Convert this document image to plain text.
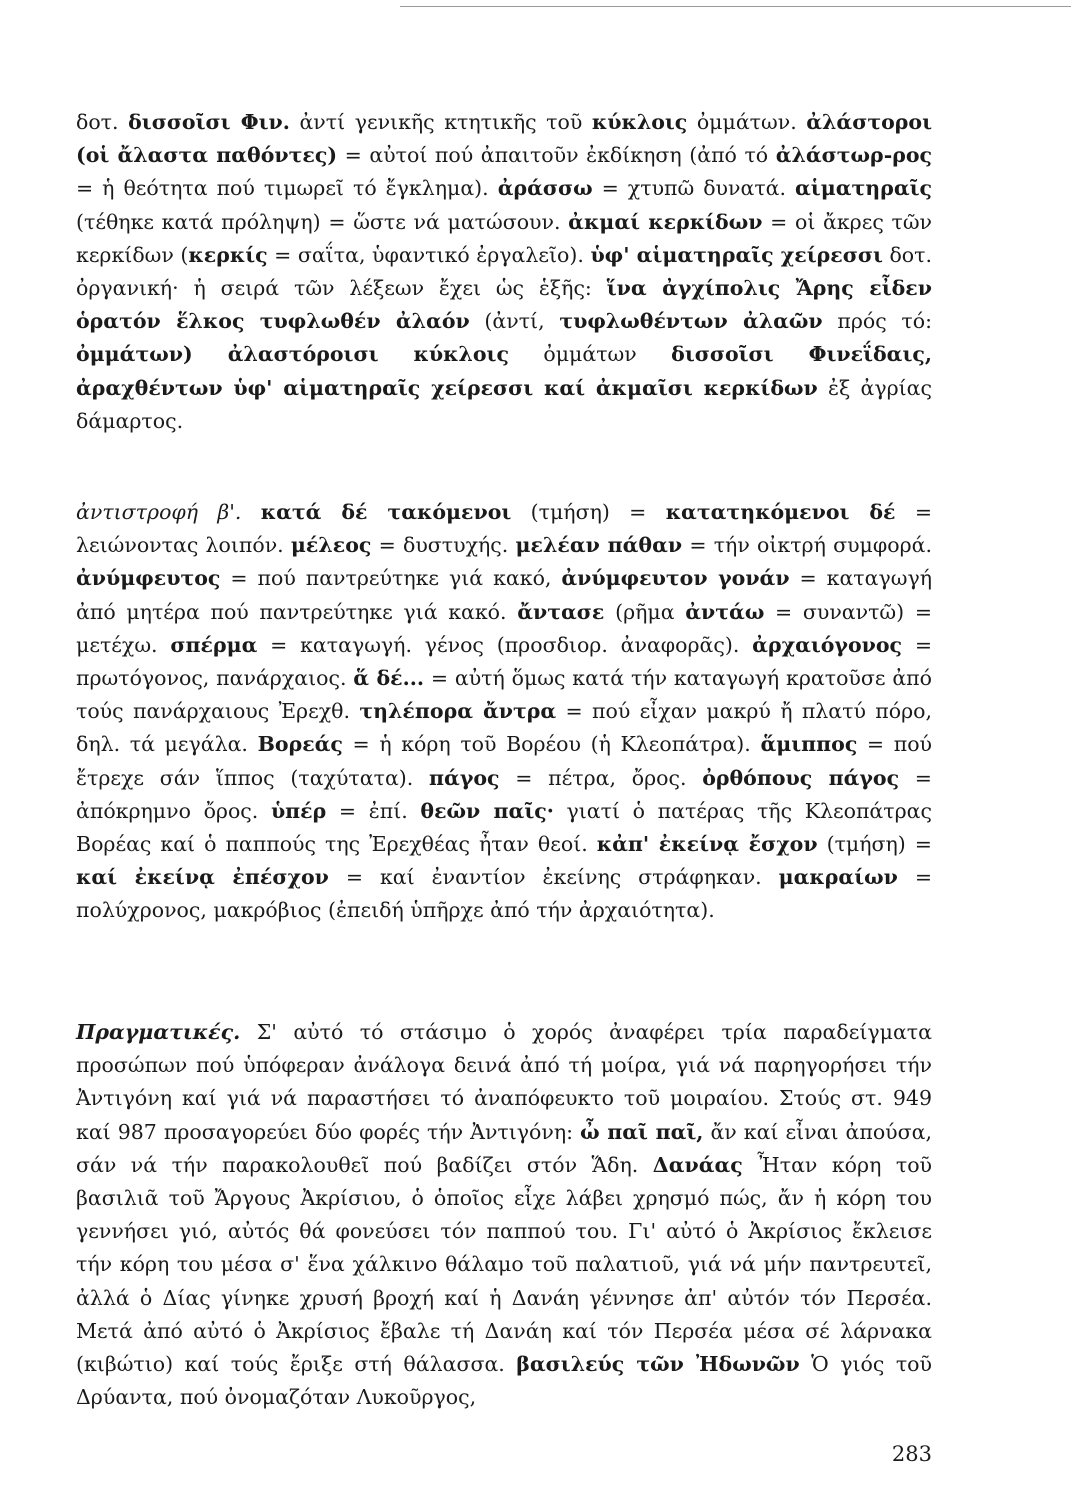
δοτ. δισσοῖσι Φιν. ἀντί γενικῆς κτητικῆς τοῦ κύκλοις ὀμμάτων. ἀλάστοροι (οἱ ἄλαστα παθόντες) = αὐτοί πού ἀπαιτοῦν ἐκδίκηση (ἀπό τό ἀλάστωρ-ρος = ἡ θεότητα πού τιμωρεῖ τό ἔγκλημα). ἀράσσω = χτυπῶ δυνατά. αἱματηραῖς (τέθηκε κατά πρόληψη) = ὥστε νά ματώσουν. ἀκμαί κερκίδων = οἱ ἄκρες τῶν κερκίδων (κερκίς = σαΐτα, ὑφαντικό ἐργαλεῖο). ὑφ' αἱματηραῖς χείρεσσι δοτ. ὀργανική· ἡ σειρά τῶν λέξεων ἔχει ὡς ἑξῆς: ἵνα ἀγχίπολις Ἄρης εἶδεν ὁρατόν ἕλκος τυφλωθέν ἀλαόν (ἀντί, τυφλωθέντων ἀλαῶν πρός τό: ὀμμάτων) ἀλαστόροισι κύκλοις ὀμμάτων δισσοῖσι Φινεΐδαις, ἀραχθέντων ὑφ' αἱματηραῖς χείρεσσι καί ἀκμαῖσι κερκίδων ἐξ ἀγρίας δάμαρτος.

ἀντιστροφή β'. κατά δέ τακόμενοι (τμήση) = κατατηκόμενοι δέ = λειώνοντας λοιπόν. μέλεος = δυστυχής. μελέαν πάθαν = τήν οἰκτρή συμφορά. ἀνύμφευτος = πού παντρεύτηκε γιά κακό, ἀνύμφευτον γονάν = καταγωγή ἀπό μητέρα πού παντρεύτηκε γιά κακό. ἄντασε (ρῆμα ἀντάω = συναντῶ) = μετέχω. σπέρμα = καταγωγή. γένος (προσδιορ. ἀναφορᾶς). ἀρχαιόγονος = πρωτόγονος, πανάρχαιος. ἅ δέ... = αὐτή ὅμως κατά τήν καταγωγή κρατοῦσε ἀπό τούς πανάρχαιους Ἐρεχθ. τηλέπορα ἄντρα = πού εἶχαν μακρύ ἤ πλατύ πόρο, δηλ. τά μεγάλα. Βορεάς = ἡ κόρη τοῦ Βορέου (ἡ Κλεοπάτρα). ἅμιππος = πού ἔτρεχε σάν ἵππος (ταχύτατα). πάγος = πέτρα, ὄρος. ὀρθόπους πάγος = ἀπόκρημνο ὄρος. ὑπέρ = ἐπί. θεῶν παῖς· γιατί ὁ πατέρας τῆς Κλεοπάτρας Βορέας καί ὁ παππούς της Ἐρεχθέας ἦταν θεοί. κἀπ' ἐκείνᾳ ἔσχον (τμήση) = καί ἐκείνᾳ ἐπέσχον = καί ἐναντίον ἐκείνης στράφηκαν. μακραίων = πολύχρονος, μακρόβιος (ἐπειδή ὑπῆρχε ἀπό τήν ἀρχαιότητα).

Πραγματικές. Σ' αὐτό τό στάσιμο ὁ χορός ἀναφέρει τρία παραδείγματα προσώπων πού ὑπόφεραν ἀνάλογα δεινά ἀπό τή μοίρα, γιά νά παρηγορήσει τήν Ἀντιγόνη καί γιά νά παραστήσει τό ἀναπόφευκτο τοῦ μοιραίου. Στούς στ. 949 καί 987 προσαγορεύει δύο φορές τήν Ἀντιγόνη: ὦ παῖ παῖ, ἄν καί εἶναι ἀπούσα, σάν νά τήν παρακολουθεῖ πού βαδίζει στόν Ἅδη. Δανάας Ἦταν κόρη τοῦ βασιλιᾶ τοῦ Ἄργους Ἀκρίσιου, ὁ ὁποῖος εἶχε λάβει χρησμό πώς, ἄν ἡ κόρη του γεννήσει γιό, αὐτός θά φονεύσει τόν παππού του. Γι' αὐτό ὁ Ἀκρίσιος ἔκλεισε τήν κόρη του μέσα σ' ἕνα χάλκινο θάλαμο τοῦ παλατιοῦ, γιά νά μήν παντρευτεῖ, ἀλλά ὁ Δίας γίνηκε χρυσή βροχή καί ἡ Δανάη γέννησε ἀπ' αὐτόν τόν Περσέα. Μετά ἀπό αὐτό ὁ Ἀκρίσιος ἔβαλε τή Δανάη καί τόν Περσέα μέσα σέ λάρνακα (κιβώτιο) καί τούς ἔριξε στή θάλασσα. βασιλεύς τῶν Ἠδωνῶν Ὁ γιός τοῦ Δρύαντα, πού ὀνομαζόταν Λυκοῦργος,

283
